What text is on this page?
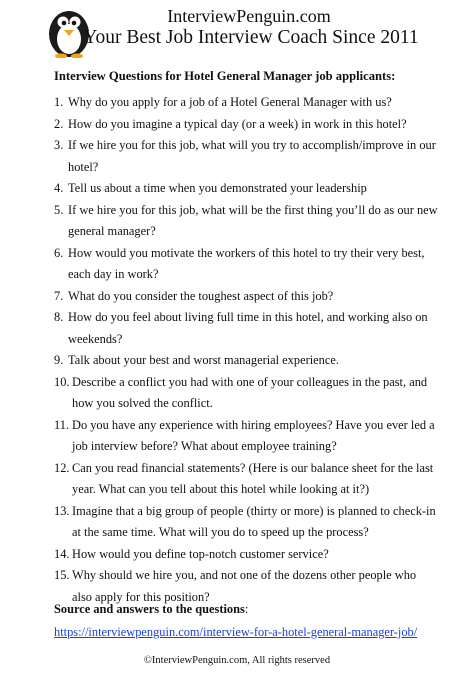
InterviewPenguin.com
Your Best Job Interview Coach Since 2011
Interview Questions for Hotel General Manager job applicants:
1. Why do you apply for a job of a Hotel General Manager with us?
2. How do you imagine a typical day (or a week) in work in this hotel?
3. If we hire you for this job, what will you try to accomplish/improve in our hotel?
4. Tell us about a time when you demonstrated your leadership
5. If we hire you for this job, what will be the first thing you’ll do as our new general manager?
6. How would you motivate the workers of this hotel to try their very best, each day in work?
7. What do you consider the toughest aspect of this job?
8. How do you feel about living full time in this hotel, and working also on weekends?
9. Talk about your best and worst managerial experience.
10. Describe a conflict you had with one of your colleagues in the past, and how you solved the conflict.
11. Do you have any experience with hiring employees? Have you ever led a job interview before? What about employee training?
12. Can you read financial statements? (Here is our balance sheet for the last year. What can you tell about this hotel while looking at it?)
13. Imagine that a big group of people (thirty or more) is planned to check-in at the same time. What will you do to speed up the process?
14. How would you define top-notch customer service?
15. Why should we hire you, and not one of the dozens other people who also apply for this position?
Source and answers to the questions: https://interviewpenguin.com/interview-for-a-hotel-general-manager-job/
©InterviewPenguin.com, All rights reserved
